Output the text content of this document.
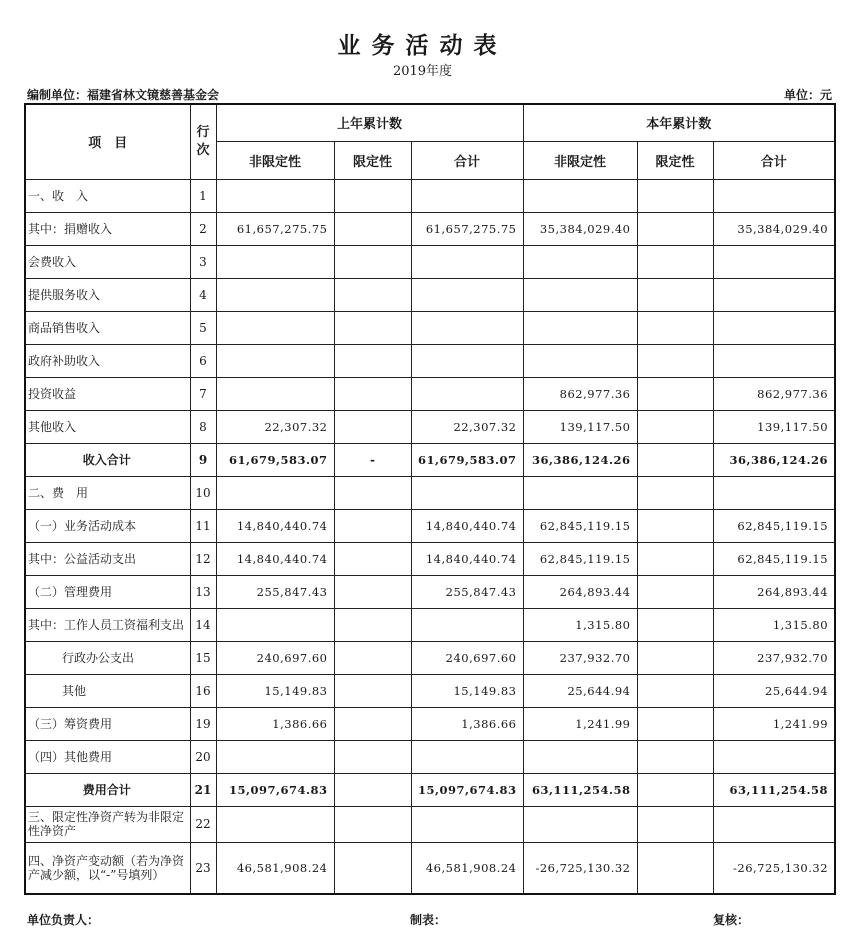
业务活动表
2019年度
编制单位：福建省林文镜慈善基金会	单位：元
项　目	行次	上年累计数			本年累计数		
		非限定性	限定性	合计	非限定性	限定性	合计
一、收　入	1						
其中：捐赠收入	2	61,657,275.75		61,657,275.75	35,384,029.40		35,384,029.40
会费收入	3						
提供服务收入	4						
商品销售收入	5						
政府补助收入	6						
投资收益	7				862,977.36		862,977.36
其他收入	8	22,307.32		22,307.32	139,117.50		139,117.50
收入合计	9	61,679,583.07	-	61,679,583.07	36,386,124.26		36,386,124.26
二、费　用	10						
（一）业务活动成本	11	14,840,440.74		14,840,440.74	62,845,119.15		62,845,119.15
其中：公益活动支出	12	14,840,440.74		14,840,440.74	62,845,119.15		62,845,119.15
（二）管理费用	13	255,847.43		255,847.43	264,893.44		264,893.44
其中：工作人员工资福利支出	14				1,315.80		1,315.80
行政办公支出	15	240,697.60		240,697.60	237,932.70		237,932.70
其他	16	15,149.83		15,149.83	25,644.94		25,644.94
（三）筹资费用	19	1,386.66		1,386.66	1,241.99		1,241.99
（四）其他费用	20						
费用合计	21	15,097,674.83		15,097,674.83	63,111,254.58		63,111,254.58
三、限定性净资产转为非限定性净资产	22						
四、净资产变动额（若为净资产减少额，以“-”号填列）	23	46,581,908.24		46,581,908.24	-26,725,130.32		-26,725,130.32
单位负责人：	制表：	复核：
